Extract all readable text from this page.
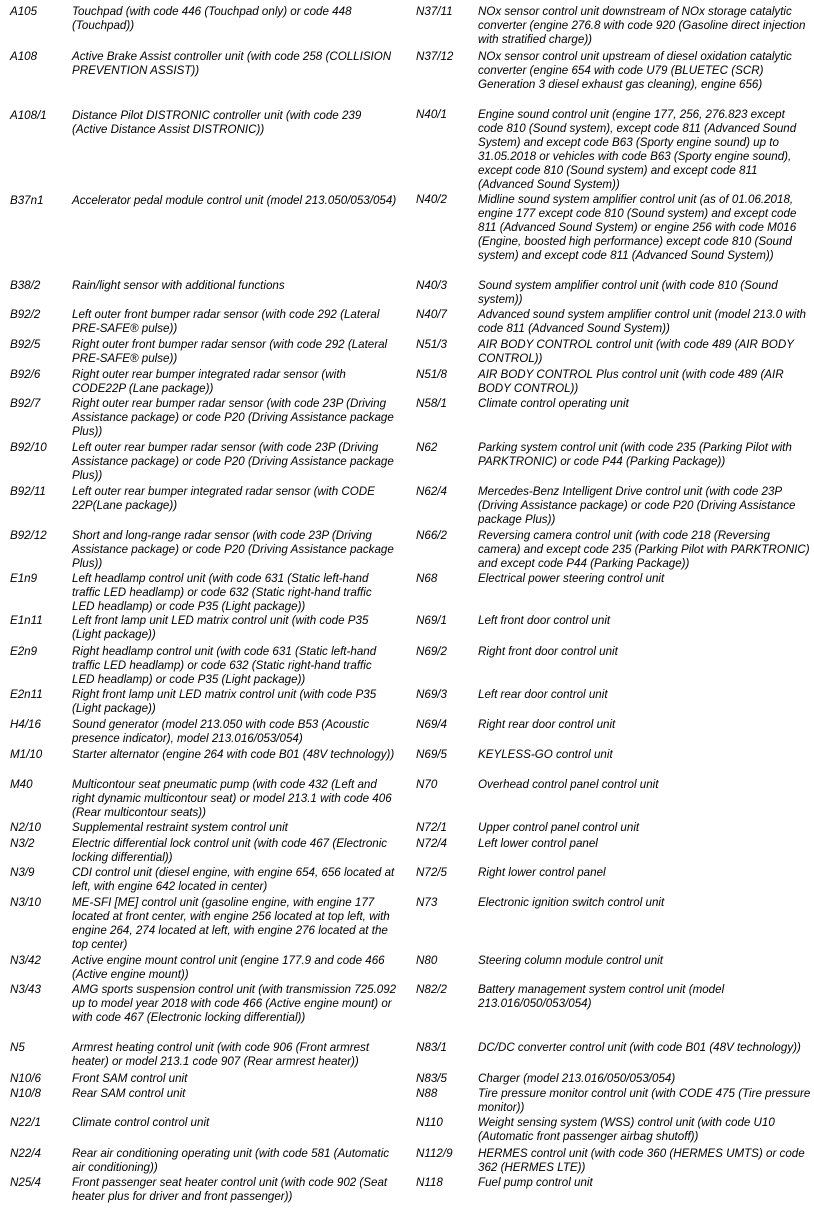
A105	Touchpad (with code 446 (Touchpad only) or code 448 (Touchpad))
A108	Active Brake Assist controller unit (with code 258 (COLLISION PREVENTION ASSIST))
A108/1 Distance Pilot DISTRONIC controller unit (with code 239 (Active Distance Assist DISTRONIC))
B37n1 Accelerator pedal module control unit (model 213.050/053/054)
B38/2	Rain/light sensor with additional functions
B92/2	Left outer front bumper radar sensor (with code 292 (Lateral PRE-SAFE® pulse))
B92/5	Right outer front bumper radar sensor (with code 292 (Lateral PRE-SAFE® pulse))
B92/6	Right outer rear bumper integrated radar sensor (with CODE22P (Lane package))
B92/7	Right outer rear bumper radar sensor (with code 23P (Driving Assistance package) or code P20 (Driving Assistance package Plus))
B92/10 Left outer rear bumper radar sensor (with code 23P (Driving Assistance package) or code P20 (Driving Assistance package Plus))
B92/11 Left outer rear bumper integrated radar sensor (with CODE 22P(Lane package))
B92/12 Short and long-range radar sensor (with code 23P (Driving Assistance package) or code P20 (Driving Assistance package Plus))
E1n9	Left headlamp control unit (with code 631 (Static left-hand traffic LED headlamp) or code 632 (Static right-hand traffic LED headlamp) or code P35 (Light package))
E1n11	Left front lamp unit LED matrix control unit (with code P35 (Light package))
E2n9	Right headlamp control unit (with code 631 (Static left-hand traffic LED headlamp) or code 632 (Static right-hand traffic LED headlamp) or code P35 (Light package))
E2n11	Right front lamp unit LED matrix control unit (with code P35 (Light package))
H4/16	Sound generator (model 213.050 with code B53 (Acoustic presence indicator), model 213.016/053/054)
M1/10	Starter alternator (engine 264 with code B01 (48V technology))
M40	Multicontour seat pneumatic pump (with code 432 (Left and right dynamic multicontour seat) or model 213.1 with code 406 (Rear multicontour seats))
N2/10	Supplemental restraint system control unit
N3/2	Electric differential lock control unit (with code 467 (Electronic locking differential))
N3/9	CDI control unit (diesel engine, with engine 654, 656 located at left, with engine 642 located in center)
N3/10	ME-SFI [ME] control unit (gasoline engine, with engine 177 located at front center, with engine 256 located at top left, with engine 264, 274 located at left, with engine 276 located at the top center)
N3/42	Active engine mount control unit (engine 177.9 and code 466 (Active engine mount))
N3/43	AMG sports suspension control unit (with transmission 725.092 up to model year 2018 with code 466 (Active engine mount) or with code 467 (Electronic locking differential))
N5	Armrest heating control unit (with code 906 (Front armrest heater) or model 213.1 code 907 (Rear armrest heater))
N10/6	Front SAM control unit
N10/8	Rear SAM control unit
N22/1	Climate control control unit
N22/4	Rear air conditioning operating unit (with code 581 (Automatic air conditioning))
N25/4	Front passenger seat heater control unit (with code 902 (Seat heater plus for driver and front passenger))
N37/11 NOx sensor control unit downstream of NOx storage catalytic converter (engine 276.8 with code 920 (Gasoline direct injection with stratified charge))
N37/12 NOx sensor control unit upstream of diesel oxidation catalytic converter (engine 654 with code U79 (BLUETEC (SCR) Generation 3 diesel exhaust gas cleaning), engine 656)
N40/1	Engine sound control unit (engine 177, 256, 276.823 except code 810 (Sound system), except code 811 (Advanced Sound System) and except code B63 (Sporty engine sound) up to 31.05.2018 or vehicles with code B63 (Sporty engine sound), except code 810 (Sound system) and except code 811 (Advanced Sound System))
N40/2	Midline sound system amplifier control unit (as of 01.06.2018, engine 177 except code 810 (Sound system) and except code 811 (Advanced Sound System) or engine 256 with code M016 (Engine, boosted high performance) except code 810 (Sound system) and except code 811 (Advanced Sound System))
N40/3	Sound system amplifier control unit (with code 810 (Sound system))
N40/7	Advanced sound system amplifier control unit (model 213.0 with code 811 (Advanced Sound System))
N51/3	AIR BODY CONTROL control unit (with code 489 (AIR BODY CONTROL))
N51/8	AIR BODY CONTROL Plus control unit (with code 489 (AIR BODY CONTROL))
N58/1	Climate control operating unit
N62	Parking system control unit (with code 235 (Parking Pilot with PARKTRONIC) or code P44 (Parking Package))
N62/4	Mercedes-Benz Intelligent Drive control unit (with code 23P (Driving Assistance package) or code P20 (Driving Assistance package Plus))
N66/2	Reversing camera control unit (with code 218 (Reversing camera) and except code 235 (Parking Pilot with PARKTRONIC) and except code P44 (Parking Package))
N68	Electrical power steering control unit
N69/1	Left front door control unit
N69/2	Right front door control unit
N69/3	Left rear door control unit
N69/4	Right rear door control unit
N69/5	KEYLESS-GO control unit
N70	Overhead control panel control unit
N72/1	Upper control panel control unit
N72/4	Left lower control panel
N72/5	Right lower control panel
N73	Electronic ignition switch control unit
N80	Steering column module control unit
N82/2	Battery management system control unit (model 213.016/050/053/054)
N83/1	DC/DC converter control unit (with code B01 (48V technology))
N83/5	Charger (model 213.016/050/053/054)
N88	Tire pressure monitor control unit (with CODE 475 (Tire pressure monitor))
N110	Weight sensing system (WSS) control unit (with code U10 (Automatic front passenger airbag shutoff))
N112/9 HERMES control unit (with code 360 (HERMES UMTS) or code 362 (HERMES LTE))
N118	Fuel pump control unit
